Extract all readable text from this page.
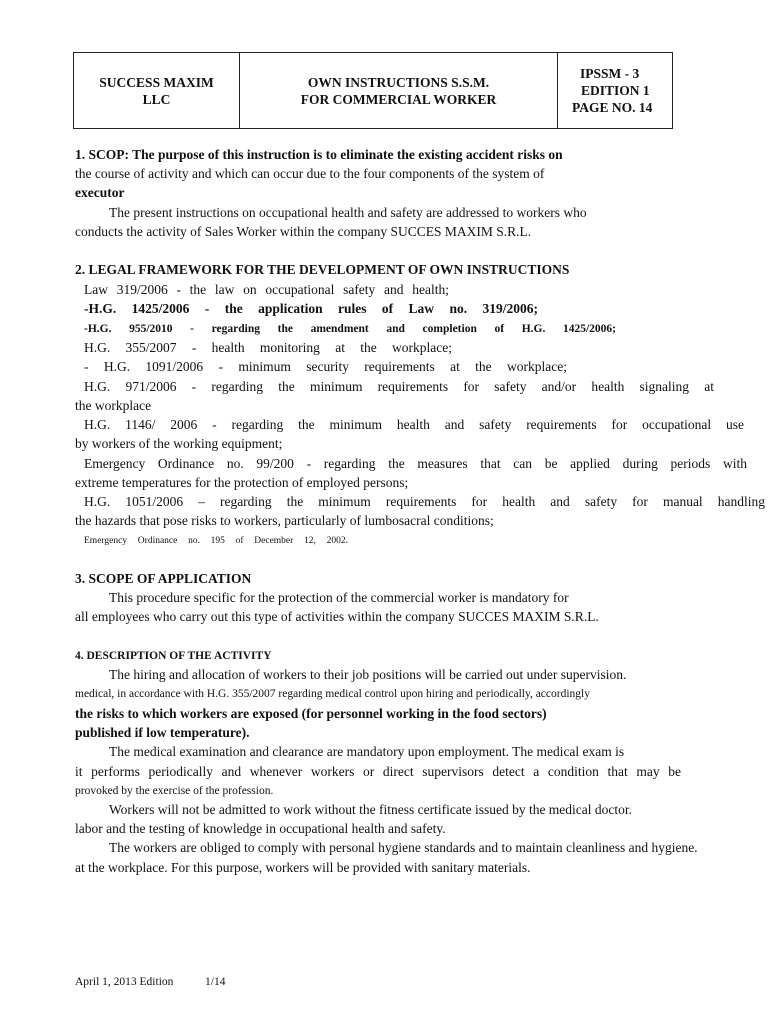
SUCCESS MAXIM
LLC
OWN INSTRUCTIONS S.S.M.
FOR COMMERCIAL WORKER
IPSSM - 3
EDITION 1
PAGE NO. 14
1. SCOP: The purpose of this instruction is to eliminate the existing accident risks on
the course of activity and which can occur due to the four components of the system of
executor
The present instructions on occupational health and safety are addressed to workers who
conducts the activity of Sales Worker within the company SUCCES MAXIM S.R.L.
2. LEGAL FRAMEWORK FOR THE DEVELOPMENT OF OWN INSTRUCTIONS
Law 319/2006 - the law on occupational safety and health;
-H.G. 1425/2006 - the application rules of Law no. 319/2006;
-H.G. 955/2010 - regarding the amendment and completion of H.G. 1425/2006;
H.G. 355/2007 - health monitoring at the workplace;
- H.G. 1091/2006 - minimum security requirements at the workplace;
H.G. 971/2006 - regarding the minimum requirements for safety and/or health signaling at
the workplace
H.G. 1146/ 2006 - regarding the minimum health and safety requirements for occupational use
by workers of the working equipment;
Emergency Ordinance no. 99/200 - regarding the measures that can be applied during periods with
extreme temperatures for the protection of employed persons;
H.G. 1051/2006 – regarding the minimum requirements for health and safety for manual handling
the hazards that pose risks to workers, particularly of lumbosacral conditions;
Emergency Ordinance no. 195 of December 12, 2002.
3. SCOPE OF APPLICATION
This procedure specific for the protection of the commercial worker is mandatory for
all employees who carry out this type of activities within the company SUCCES MAXIM S.R.L.
4. DESCRIPTION OF THE ACTIVITY
The hiring and allocation of workers to their job positions will be carried out under supervision.
medical, in accordance with H.G. 355/2007 regarding medical control upon hiring and periodically, accordingly
the risks to which workers are exposed (for personnel working in the food sectors)
published if low temperature).
The medical examination and clearance are mandatory upon employment. The medical exam is
it performs periodically and whenever workers or direct supervisors detect a condition that may be
provoked by the exercise of the profession.
Workers will not be admitted to work without the fitness certificate issued by the medical doctor.
labor and the testing of knowledge in occupational health and safety.
The workers are obliged to comply with personal hygiene standards and to maintain cleanliness and hygiene.
at the workplace. For this purpose, workers will be provided with sanitary materials.
April 1, 2013 Edition	1/14
